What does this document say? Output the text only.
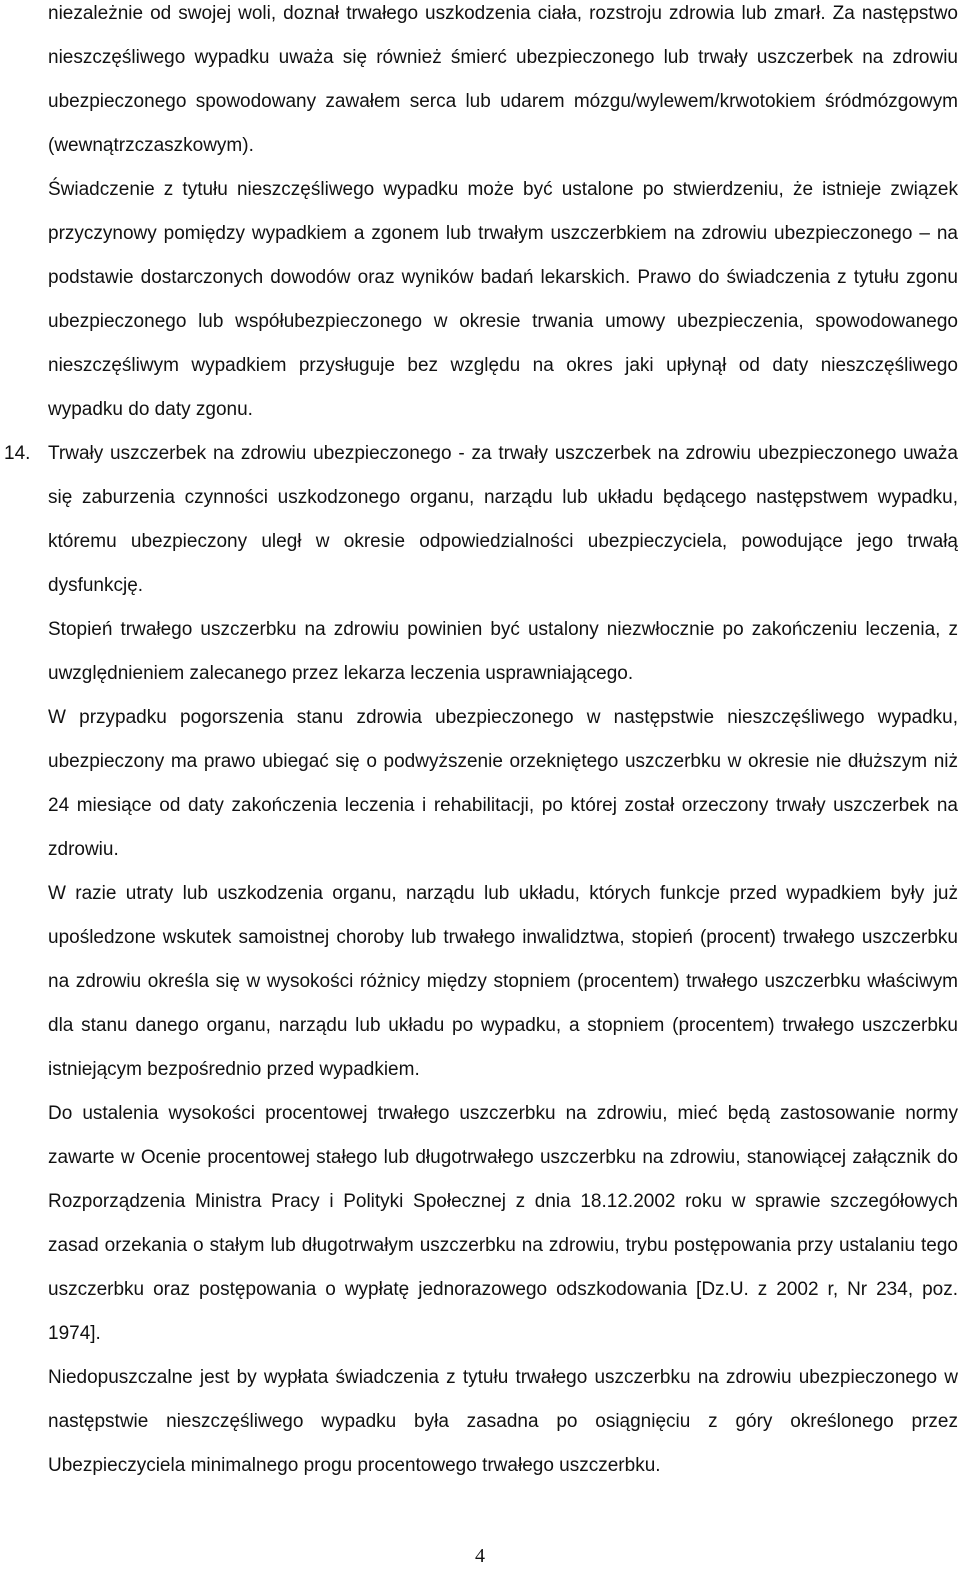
niezależnie od swojej woli, doznał trwałego uszkodzenia ciała, rozstroju zdrowia lub zmarł. Za następstwo nieszczęśliwego wypadku uważa się również śmierć ubezpieczonego lub trwały uszczerbek na zdrowiu ubezpieczonego spowodowany zawałem serca lub udarem mózgu/wylewem/krwotokiem śródmózgowym (wewnątrzczaszkowym).

Świadczenie z tytułu nieszczęśliwego wypadku może być ustalone po stwierdzeniu, że istnieje związek przyczynowy pomiędzy wypadkiem a zgonem lub trwałym uszczerbkiem na zdrowiu ubezpieczonego – na podstawie dostarczonych dowodów oraz wyników badań lekarskich. Prawo do świadczenia z tytułu zgonu ubezpieczonego lub współubezpieczonego w okresie trwania umowy ubezpieczenia, spowodowanego nieszczęśliwym wypadkiem przysługuje bez względu na okres jaki upłynął od daty nieszczęśliwego wypadku do daty zgonu.

14. Trwały uszczerbek na zdrowiu ubezpieczonego - za trwały uszczerbek na zdrowiu ubezpieczonego uważa się zaburzenia czynności uszkodzonego organu, narządu lub układu będącego następstwem wypadku, któremu ubezpieczony uległ w okresie odpowiedzialności ubezpieczyciela, powodujące jego trwałą dysfunkcję.

Stopień trwałego uszczerbku na zdrowiu powinien być ustalony niezwłocznie po zakończeniu leczenia, z uwzględnieniem zalecanego przez lekarza leczenia usprawniającego.

W przypadku pogorszenia stanu zdrowia ubezpieczonego w następstwie nieszczęśliwego wypadku, ubezpieczony ma prawo ubiegać się o podwyższenie orzekniętego uszczerbku w okresie nie dłuższym niż 24 miesiące od daty zakończenia leczenia i rehabilitacji, po której został orzeczony trwały uszczerbek na zdrowiu.

W razie utraty lub uszkodzenia organu, narządu lub układu, których funkcje przed wypadkiem były już upośledzone wskutek samoistnej choroby lub trwałego inwalidztwa, stopień (procent) trwałego uszczerbku na zdrowiu określa się w wysokości różnicy między stopniem (procentem) trwałego uszczerbku właściwym dla stanu danego organu, narządu lub układu po wypadku, a stopniem (procentem) trwałego uszczerbku istniejącym bezpośrednio przed wypadkiem.

Do ustalenia wysokości procentowej trwałego uszczerbku na zdrowiu, mieć będą zastosowanie normy zawarte w Ocenie procentowej stałego lub długotrwałego uszczerbku na zdrowiu, stanowiącej załącznik do Rozporządzenia Ministra Pracy i Polityki Społecznej z dnia 18.12.2002 roku w sprawie szczegółowych zasad orzekania o stałym lub długotrwałym uszczerbku na zdrowiu, trybu postępowania przy ustalaniu tego uszczerbku oraz postępowania o wypłatę jednorazowego odszkodowania [Dz.U. z 2002 r, Nr 234, poz. 1974].

Niedopuszczalne jest by wypłata świadczenia z tytułu trwałego uszczerbku na zdrowiu ubezpieczonego w następstwie nieszczęśliwego wypadku była zasadna po osiągnięciu z góry określonego przez Ubezpieczyciela minimalnego progu procentowego trwałego uszczerbku.

4
